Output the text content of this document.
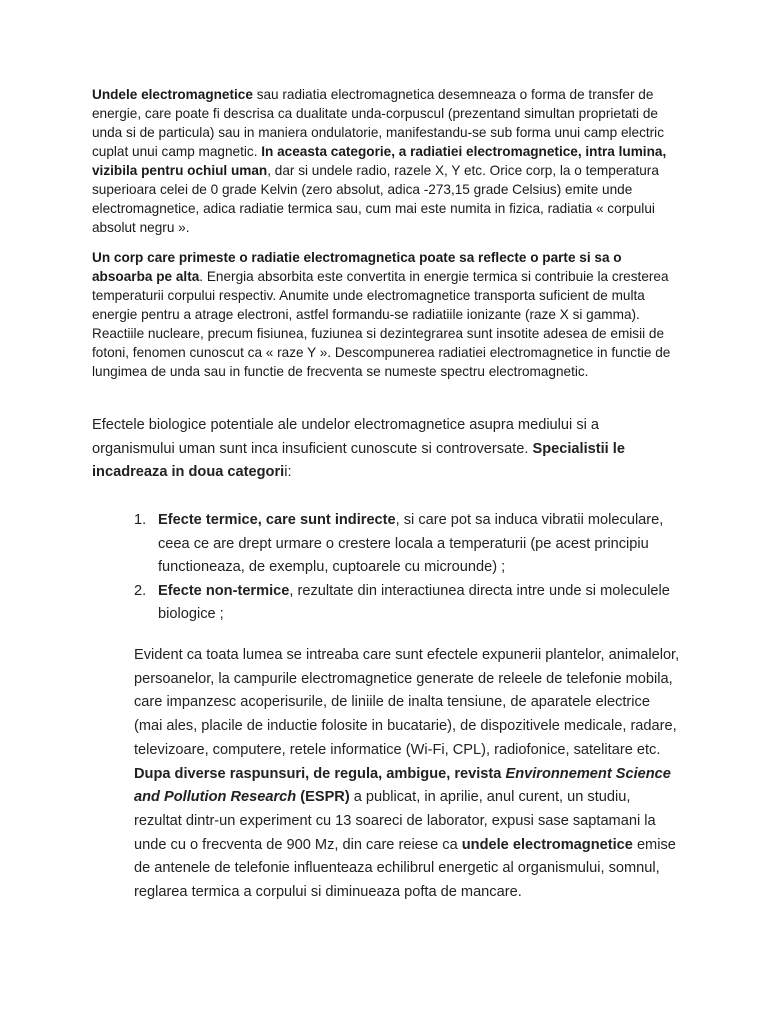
Undele electromagnetice sau radiatia electromagnetica desemneaza o forma de transfer de energie, care poate fi descrisa ca dualitate unda-corpuscul (prezentand simultan proprietati de unda si de particula) sau in maniera ondulatorie, manifestandu-se sub forma unui camp electric cuplat unui camp magnetic. In aceasta categorie, a radiatiei electromagnetice, intra lumina, vizibila pentru ochiul uman, dar si undele radio, razele X, Y etc. Orice corp, la o temperatura superioara celei de 0 grade Kelvin (zero absolut, adica -273,15 grade Celsius) emite unde electromagnetice, adica radiatie termica sau, cum mai este numita in fizica, radiatia « corpului absolut negru ».

Un corp care primeste o radiatie electromagnetica poate sa reflecte o parte si sa o absoarba pe alta. Energia absorbita este convertita in energie termica si contribuie la cresterea temperaturii corpului respectiv. Anumite unde electromagnetice transporta suficient de multa energie pentru a atrage electroni, astfel formandu-se radiatiile ionizante (raze X si gamma). Reactiile nucleare, precum fisiunea, fuziunea si dezintegrarea sunt insotite adesea de emisii de fotoni, fenomen cunoscut ca « raze Y ». Descompunerea radiatiei electromagnetice in functie de lungimea de unda sau in functie de frecventa se numeste spectru electromagnetic.

Efectele biologice potentiale ale undelor electromagnetice asupra mediului si a organismului uman sunt inca insuficient cunoscute si controversate. Specialistii le incadreaza in doua categorii:

1. Efecte termice, care sunt indirecte, si care pot sa induca vibratii moleculare, ceea ce are drept urmare o crestere locala a temperaturii (pe acest principiu functioneaza, de exemplu, cuptoarele cu microunde) ;
2. Efecte non-termice, rezultate din interactiunea directa intre unde si moleculele biologice ;

Evident ca toata lumea se intreaba care sunt efectele expunerii plantelor, animalelor, persoanelor, la campurile electromagnetice generate de releele de telefonie mobila, care impanzesc acoperisurile, de liniile de inalta tensiune, de aparatele electrice (mai ales, placile de inductie folosite in bucatarie), de dispozitivele medicale, radare, televizoare, computere, retele informatice (Wi-Fi, CPL), radiofonice, satelitare etc. Dupa diverse raspunsuri, de regula, ambigue, revista Environnement Science and Pollution Research (ESPR) a publicat, in aprilie, anul curent, un studiu, rezultat dintr-un experiment cu 13 soareci de laborator, expusi sase saptamani la unde cu o frecventa de 900 Mz, din care reiese ca undele electromagnetice emise de antenele de telefonie influenteaza echilibrul energetic al organismului, somnul, reglarea termica a corpului si diminueaza pofta de mancare.
